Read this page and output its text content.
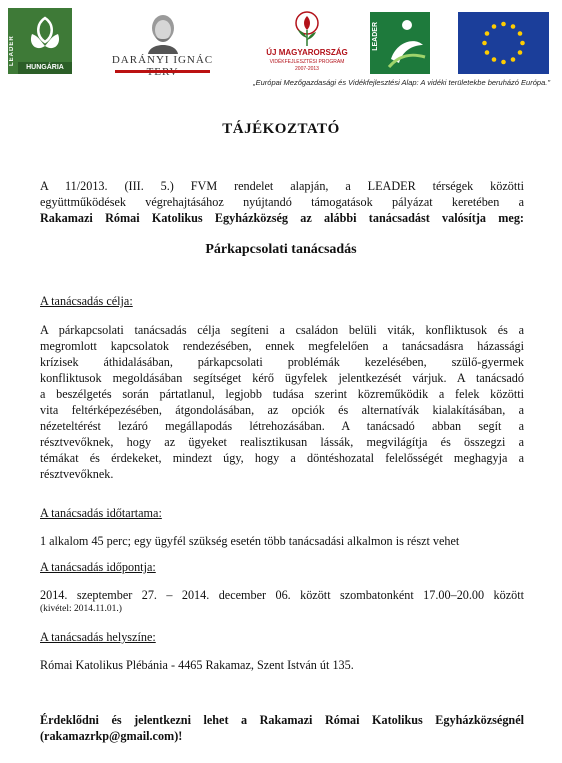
LEADER
HUNGÁRIA
DARÁNYI IGNÁC
ÚJ MAGYARORSZÁG
VIDÉKFEJLESZTÉSI PROGRAM
2007-2013
LEADER
„Európai Mezőgazdasági és Vidékfejlesztési Alap: A vidéki területekbe beruházó Európa."
TÁJÉKOZTATÓ
A 11/2013. (III. 5.) FVM rendelet alapján, a LEADER térségek közötti
együttműködések végrehajtásához nyújtandó támogatások pályázat keretében a
Rakamazi Római Katolikus Egyházközség az alábbi tanácsadást valósítja meg:
Párkapcsolati tanácsadás
A tanácsadás célja:
A párkapcsolati tanácsadás célja segíteni a családon belüli viták, konfliktusok és a
megromlott kapcsolatok rendezésében, ennek megfelelően a tanácsadásra házassági
krízisek áthidalásában, párkapcsolati problémák kezelésében, szülő-gyermek
konfliktusok megoldásában segítséget kérő ügyfelek jelentkezését várjuk. A tanácsadó
a beszélgetés során pártatlanul, legjobb tudása szerint közreműködik a felek közötti
vita feltérképezésében, átgondolásában, az opciók és alternatívák kialakításában, a
nézeteltérést lezáró megállapodás létrehozásában. A tanácsadó abban segít a
résztvevőknek, hogy az ügyeket realisztikusan lássák, megvilágítja és összegzi a
témákat és érdekeket, mindezt úgy, hogy a döntéshozatal felelősségét meghagyja a
résztvevőknek.
A tanácsadás időtartama:
1 alkalom 45 perc; egy ügyfél szükség esetén több tanácsadási alkalmon is részt vehet
A tanácsadás időpontja:
2014. szeptember 27. – 2014. december 06. között szombatonként 17.00–20.00 között
(kivétel: 2014.11.01.)
A tanácsadás helyszíne:
Római Katolikus Plébánia - 4465 Rakamaz, Szent István út 135.
Érdeklődni és jelentkezni lehet a Rakamazi Római Katolikus Egyházközségnél
(rakamazrkp@gmail.com)!
